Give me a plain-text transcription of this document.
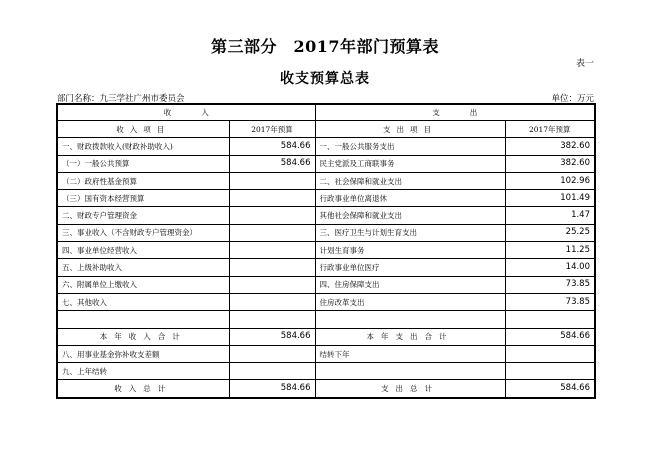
第三部分　2017年部门预算表
表一
收支预算总表
部门名称：九三学社广州市委员会	单位：万元
收　　　　入		支　　　　出	
收入项目	2017年预算	支出项目	2017年预算
一、财政拨款收入(财政补助收入)	584.66	一、一般公共服务支出	382.60
（一）一般公共预算	584.66	民主党派及工商联事务	382.60
（二）政府性基金预算		二、社会保障和就业支出	102.96
（三）国有资本经营预算		行政事业单位离退休	101.49
二、财政专户管理资金		其他社会保障和就业支出	1.47
三、事业收入（不含财政专户管理资金）		三、医疗卫生与计划生育支出	25.25
四、事业单位经营收入		计划生育事务	11.25
五、上级补助收入		行政事业单位医疗	14.00
六、附属单位上缴收入		四、住房保障支出	73.85
七、其他收入		住房改革支出	73.85

本年收入合计	584.66	本年支出合计	584.66
八、用事业基金弥补收支差额		结转下年	
九、上年结转			
收入总计	584.66	支出总计	584.66
